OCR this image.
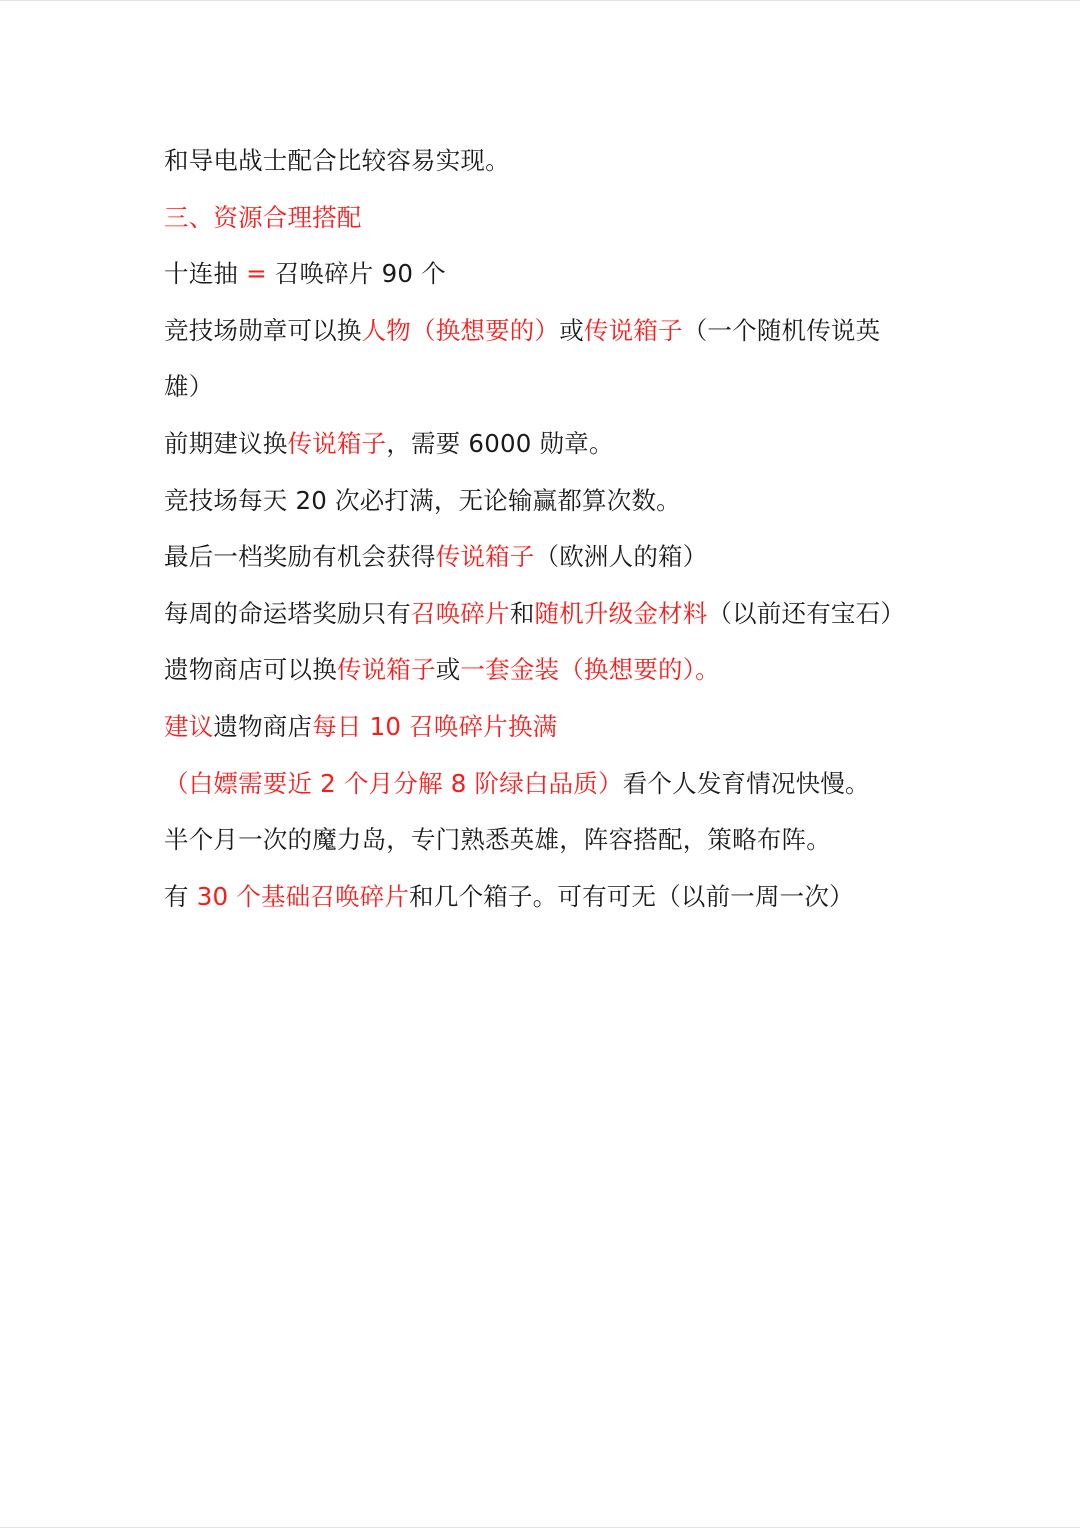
和导电战士配合比较容易实现。
三、资源合理搭配
十连抽 = 召唤碎片 90 个
竞技场勋章可以换人物（换想要的）或传说箱子（一个随机传说英
雄）
前期建议换传说箱子，需要 6000 勋章。
竞技场每天 20 次必打满，无论输赢都算次数。
最后一档奖励有机会获得传说箱子（欧洲人的箱）
每周的命运塔奖励只有召唤碎片和随机升级金材料（以前还有宝石）
遗物商店可以换传说箱子或一套金装（换想要的）。
建议遗物商店每日 10 召唤碎片换满
（白嫖需要近 2 个月分解 8 阶绿白品质）看个人发育情况快慢。
半个月一次的魔力岛，专门熟悉英雄，阵容搭配，策略布阵。
有 30 个基础召唤碎片和几个箱子。可有可无（以前一周一次）
